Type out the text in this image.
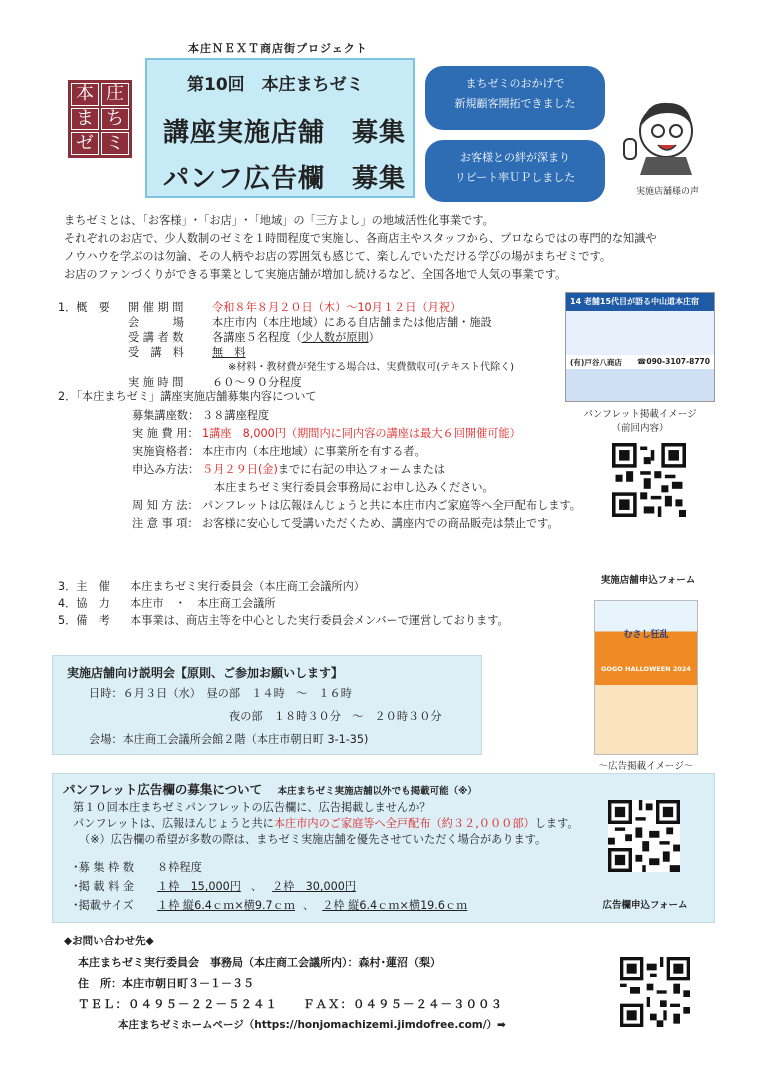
本庄ＮＥＸＴ商店街プロジェクト
本 庄
ま ち
ゼ ミ
第10回　本庄まちゼミ
講座実施店舗　募集
パンフ広告欄　募集
まちゼミのおかげで
新規顧客開拓できました
お客様との絆が深まり
リピート率ＵＰしました
実施店舗様の声
まちゼミとは、「お客様」･「お店」･「地域」の「三方よし」の地域活性化事業です。
それぞれのお店で、少人数制のゼミを１時間程度で実施し、各商店主やスタッフから、プロならではの専門的な知識や
ノウハウを学ぶのは勿論、その人柄やお店の雰囲気も感じて、楽しんでいただける学びの場がまちゼミです。
お店のファンづくりができる事業として実施店舗が増加し続けるなど、全国各地で人気の事業です。
1．概　要 開 催 期 間	令和８年８月２０日（木）～10月１２日（月祝）
会　　　場	本庄市内（本庄地域）にある自店舗または他店舗・施設
受 講 者 数	各講座５名程度（少人数が原則）
受　講　料	無　料
※材料・教材費が発生する場合は、実費徴収可(テキスト代除く)
実 施 時 間	６０～９０分程度
14 老舗15代目が語る中山道本庄宿
(有)戸谷八商店 ☎090-3107-8770
パンフレット掲載イメージ
（前回内容）
2．「本庄まちゼミ」講座実施店舗募集内容について
募集講座数： ３８講座程度
実 施 費 用： 1講座　8,000円（期間内に同内容の講座は最大６回開催可能）
実施資格者： 本庄市内（本庄地域）に事業所を有する者。
申込み方法： ５月２９日(金)までに右記の申込フォームまたは
本庄まちゼミ実行委員会事務局にお申し込みください。
周 知 方 法： パンフレットは広報ほんじょうと共に本庄市内ご家庭等へ全戸配布します。
注 意 事 項： お客様に安心して受講いただくため、講座内での商品販売は禁止です。
実施店舗申込フォーム
3．主　催 本庄まちゼミ実行委員会（本庄商工会議所内）
4．協　力 本庄市　・　本庄商工会議所
5．備　考 本事業は、商店主等を中心とした実行委員会メンバーで運営しております。
実施店舗向け説明会【原則、ご参加お願いします】
日時：６月３日（水）　昼の部　１４時　～　１６時
夜の部　１８時３０分　～　２０時３０分
会場：本庄商工会議所会館２階（本庄市朝日町 3-1-35)
むさし狂乱
GOGO HALLOWEEN 2024
～広告掲載イメージ～
パンフレット広告欄の募集について 本庄まちゼミ実施店舗以外でも掲載可能（※）
第１０回本庄まちゼミパンフレットの広告欄に、広告掲載しませんか？
パンフレットは、広報ほんじょうと共に本庄市内のご家庭等へ全戸配布（約３２,０００部）します。
（※）広告欄の希望が多数の際は、まちゼミ実施店舗を優先させていただく場合があります。
･募 集 枠 数 ８枠程度
･掲 載 料 金 １枠　15,000円 、 ２枠　30,000円
･掲載サイズ １枠 縦6.4ｃｍ×横9.7ｃｍ 、 ２枠 縦6.4ｃｍ×横19.6ｃｍ	広告欄申込フォーム
◆お問い合わせ先◆
本庄まちゼミ実行委員会　事務局（本庄商工会議所内）：森村･蓮沼（梨）
住　所：本庄市朝日町３－１－３５
ＴＥＬ：０４９５－２２－５２４１　　ＦＡＸ：０４９５－２４－３００３
本庄まちゼミホームページ（https://honjomachizemi.jimdofree.com/）➡
